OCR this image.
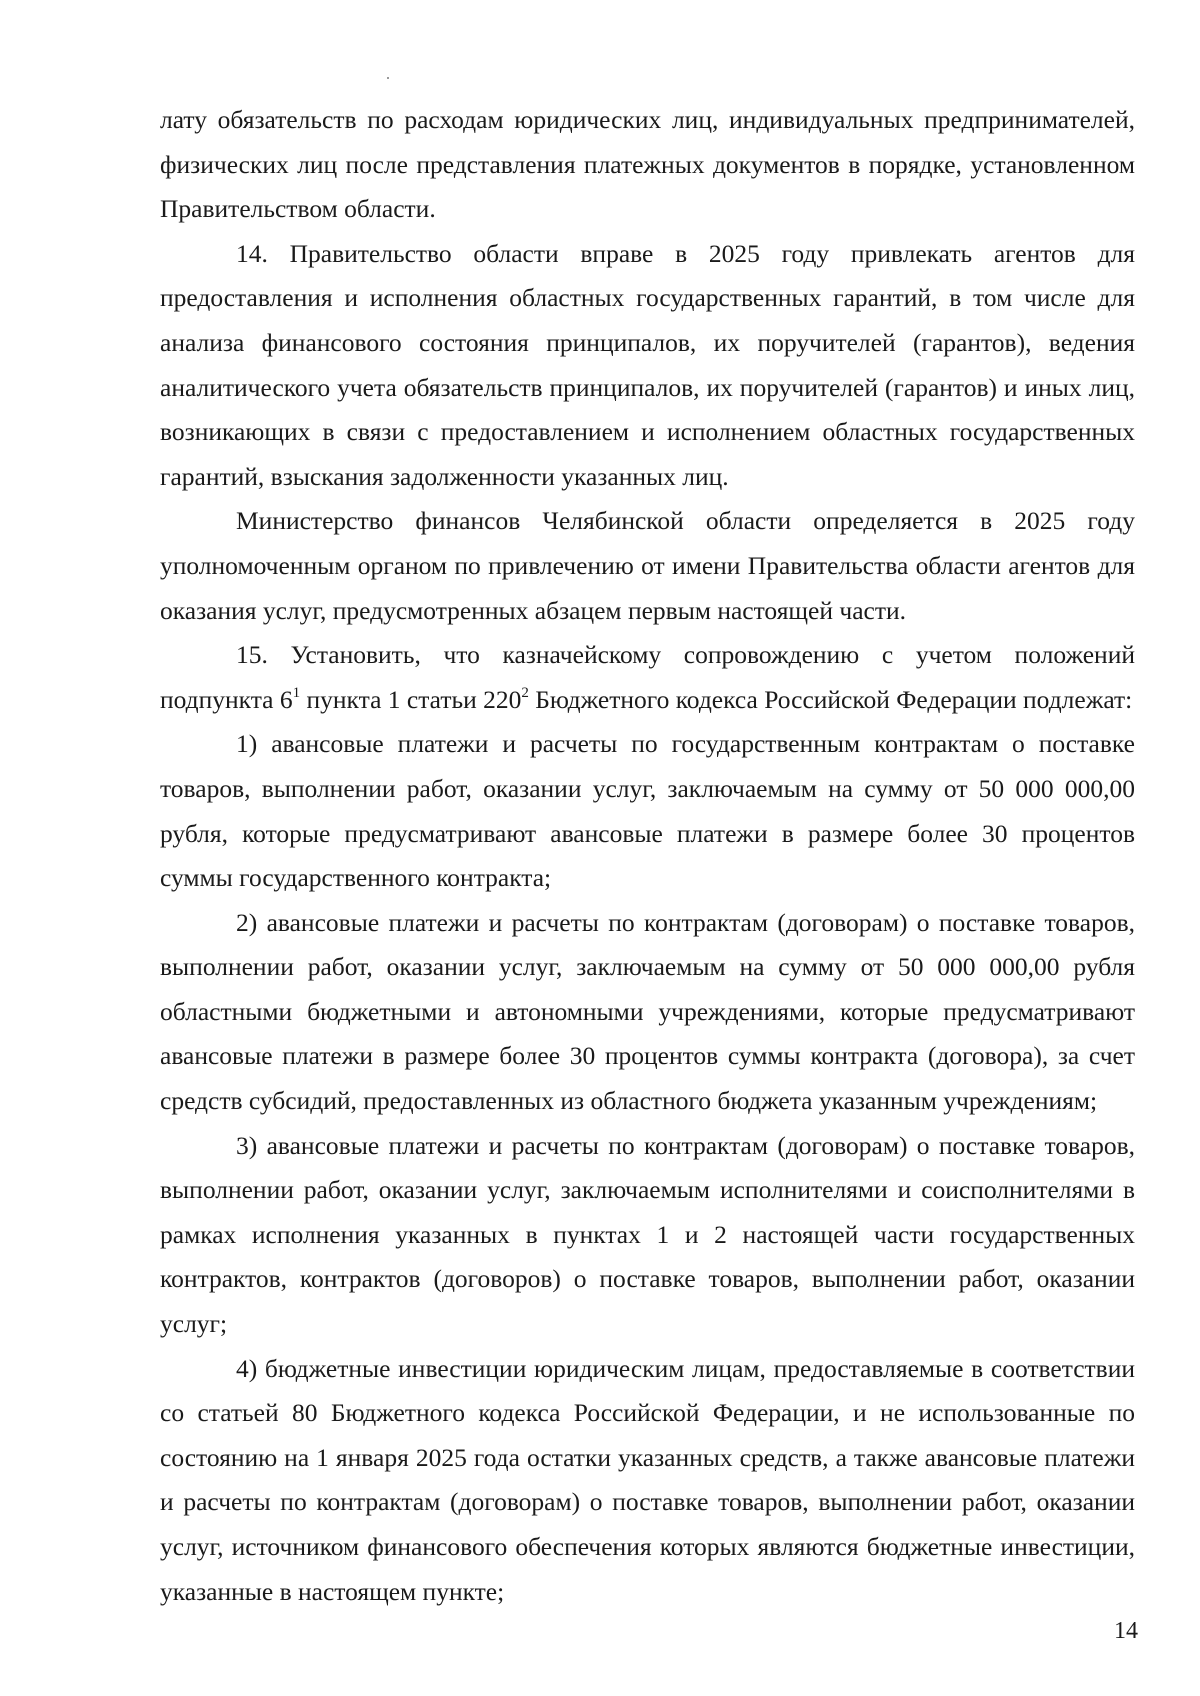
лату обязательств по расходам юридических лиц, индивидуальных предпринимателей, физических лиц после представления платежных документов в порядке, установленном Правительством области.

14. Правительство области вправе в 2025 году привлекать агентов для предоставления и исполнения областных государственных гарантий, в том числе для анализа финансового состояния принципалов, их поручителей (гарантов), ведения аналитического учета обязательств принципалов, их поручителей (гарантов) и иных лиц, возникающих в связи с предоставлением и исполнением областных государственных гарантий, взыскания задолженности указанных лиц.

Министерство финансов Челябинской области определяется в 2025 году уполномоченным органом по привлечению от имени Правительства области агентов для оказания услуг, предусмотренных абзацем первым настоящей части.

15. Установить, что казначейскому сопровождению с учетом положений подпункта $6^1$ пункта 1 статьи $220^2$ Бюджетного кодекса Российской Федерации подлежат:

1) авансовые платежи и расчеты по государственным контрактам о поставке товаров, выполнении работ, оказании услуг, заключаемым на сумму от 50 000 000,00 рубля, которые предусматривают авансовые платежи в размере более 30 процентов суммы государственного контракта;

2) авансовые платежи и расчеты по контрактам (договорам) о поставке товаров, выполнении работ, оказании услуг, заключаемым на сумму от 50 000 000,00 рубля областными бюджетными и автономными учреждениями, которые предусматривают авансовые платежи в размере более 30 процентов суммы контракта (договора), за счет средств субсидий, предоставленных из областного бюджета указанным учреждениям;

3) авансовые платежи и расчеты по контрактам (договорам) о поставке товаров, выполнении работ, оказании услуг, заключаемым исполнителями и соисполнителями в рамках исполнения указанных в пунктах 1 и 2 настоящей части государственных контрактов, контрактов (договоров) о поставке товаров, выполнении работ, оказании услуг;

4) бюджетные инвестиции юридическим лицам, предоставляемые в соответствии со статьей 80 Бюджетного кодекса Российской Федерации, и не использованные по состоянию на 1 января 2025 года остатки указанных средств, а также авансовые платежи и расчеты по контрактам (договорам) о поставке товаров, выполнении работ, оказании услуг, источником финансового обеспечения которых являются бюджетные инвестиции, указанные в настоящем пункте;

14
